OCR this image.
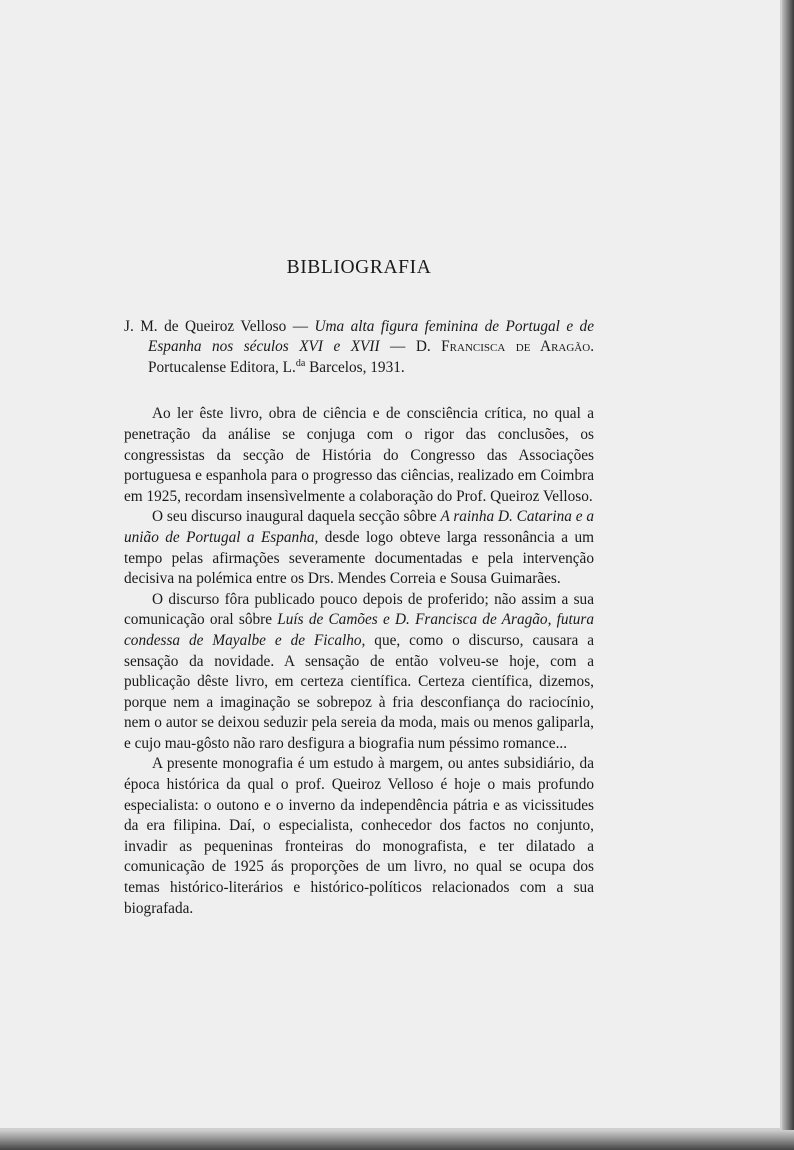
BIBLIOGRAFIA

J. M. de Queiroz Velloso — Uma alta figura feminina de Portugal e de Espanha nos séculos XVI e XVII — D. Francisca de Aragão. Portucalense Editora, L.$^{da}$ Barcelos, 1931.

Ao ler êste livro, obra de ciência e de consciência crítica, no qual a penetração da análise se conjuga com o rigor das conclusões, os congressistas da secção de História do Congresso das Associações portuguesa e espanhola para o progresso das ciências, realizado em Coimbra em 1925, recordam insensìvelmente a colaboração do Prof. Queiroz Velloso.

O seu discurso inaugural daquela secção sôbre A rainha D. Catarina e a união de Portugal a Espanha, desde logo obteve larga ressonância a um tempo pelas afirmações severamente documentadas e pela intervenção decisiva na polémica entre os Drs. Mendes Correia e Sousa Guimarães.

O discurso fôra publicado pouco depois de proferido; não assim a sua comunicação oral sôbre Luís de Camões e D. Francisca de Aragão, futura condessa de Mayalbe e de Ficalho, que, como o discurso, causara a sensação da novidade. A sensação de então volveu-se hoje, com a publicação dêste livro, em certeza científica. Certeza científica, dizemos, porque nem a imaginação se sobrepoz à fria desconfiança do raciocínio, nem o autor se deixou seduzir pela sereia da moda, mais ou menos galiparla, e cujo mau-gôsto não raro desfigura a biografia num péssimo romance...

A presente monografia é um estudo à margem, ou antes subsidiário, da época histórica da qual o prof. Queiroz Velloso é hoje o mais profundo especialista: o outono e o inverno da independência pátria e as vicissitudes da era filipina. Daí, o especialista, conhecedor dos factos no conjunto, invadir as pequeninas fronteiras do monografista, e ter dilatado a comunicação de 1925 ás proporções de um livro, no qual se ocupa dos temas histórico-literários e histórico-políticos relacionados com a sua biografada.
